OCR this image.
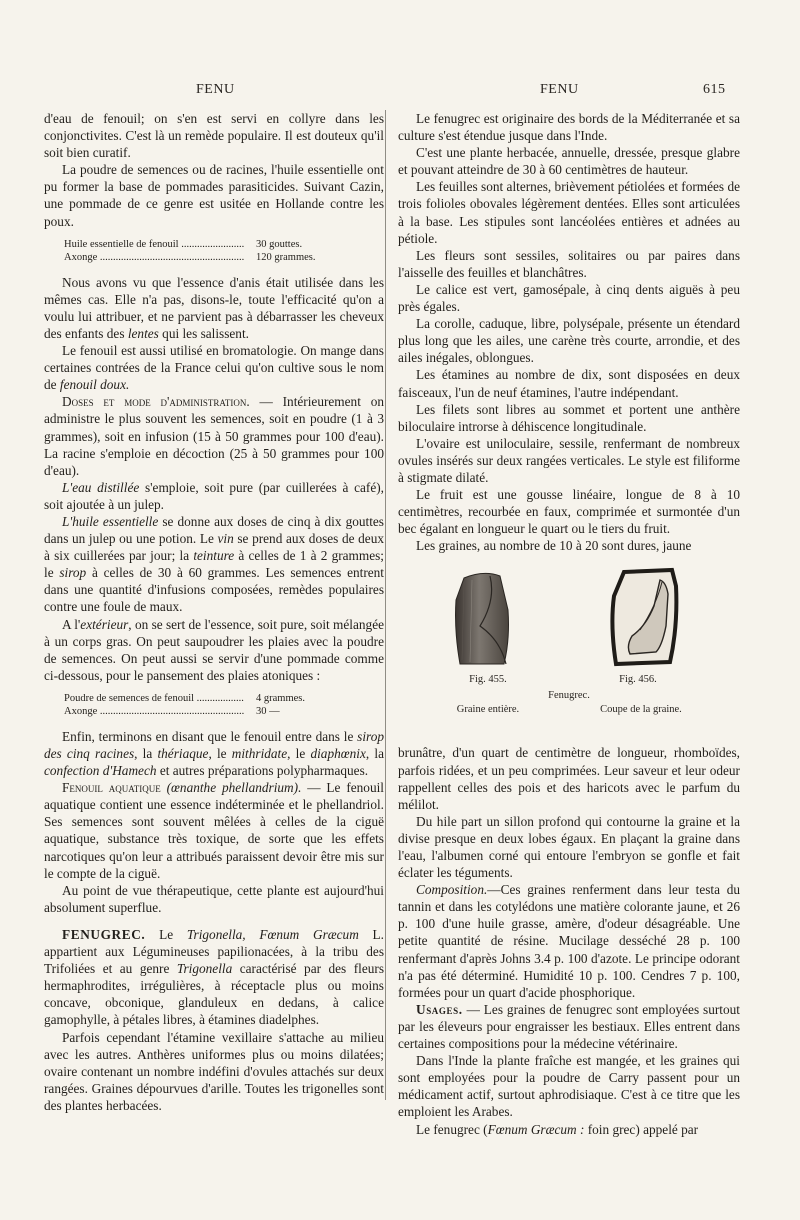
FENU	FENU	615

d'eau de fenouil; on s'en est servi en collyre dans les conjonctivites. C'est là un remède populaire. Il est douteux qu'il soit bien curatif.

La poudre de semences ou de racines, l'huile essentielle ont pu former la base de pommades parasiticides. Suivant Cazin, une pommade de ce genre est usitée en Hollande contre les poux.

Huile essentielle de fenouil .....	30 gouttes.
Axonge .....	120 grammes.

Nous avons vu que l'essence d'anis était utilisée dans les mêmes cas. Elle n'a pas, disons-le, toute l'efficacité qu'on a voulu lui attribuer, et ne parvient pas à débarrasser les cheveux des enfants des lentes qui les salissent.

Le fenouil est aussi utilisé en bromatologie. On mange dans certaines contrées de la France celui qu'on cultive sous le nom de fenouil doux.

Doses et mode d'administration. — Intérieurement on administre le plus souvent les semences, soit en poudre (1 à 3 grammes), soit en infusion (15 à 50 grammes pour 100 d'eau). La racine s'emploie en décoction (25 à 50 grammes pour 100 d'eau).

L'eau distillée s'emploie, soit pure (par cuillerées à café), soit ajoutée à un julep.

L'huile essentielle se donne aux doses de cinq à dix gouttes dans un julep ou une potion. Le vin se prend aux doses de deux à six cuillerées par jour; la teinture à celles de 1 à 2 grammes; le sirop à celles de 30 à 60 grammes. Les semences entrent dans une quantité d'infusions composées, remèdes populaires contre une foule de maux.

A l'extérieur, on se sert de l'essence, soit pure, soit mélangée à un corps gras. On peut saupoudrer les plaies avec la poudre de semences. On peut aussi se servir d'une pommade comme ci-dessous, pour le pansement des plaies atoniques :

Poudre de semences de fenouil .....	4 grammes.
Axonge .....	30 —

Enfin, terminons en disant que le fenouil entre dans le sirop des cinq racines, la thériaque, le mithridate, le diaphœnix, la confection d'Hamech et autres préparations polypharmaques.

Fenouil aquatique (œnanthe phellandrium). — Le fenouil aquatique contient une essence indéterminée et le phellandriol. Ses semences sont souvent mêlées à celles de la ciguë aquatique, substance très toxique, de sorte que les effets narcotiques qu'on leur a attribués paraissent devoir être mis sur le compte de la ciguë.

Au point de vue thérapeutique, cette plante est aujourd'hui absolument superflue.

FENUGREC. Le Trigonella, Fœnum Græcum L. appartient aux Légumineuses papilionacées, à la tribu des Trifoliées et au genre Trigonella caractérisé par des fleurs hermaphrodites, irrégulières, à réceptacle plus ou moins concave, obconique, glanduleux en dedans, à calice gamophylle, à pétales libres, à étamines diadelphes.

Parfois cependant l'étamine vexillaire s'attache au milieu avec les autres. Anthères uniformes plus ou moins dilatées; ovaire contenant un nombre indéfini d'ovules attachés sur deux rangées. Graines dépourvues d'arille. Toutes les trigonelles sont des plantes herbacées.

Le fenugrec est originaire des bords de la Méditerranée et sa culture s'est étendue jusque dans l'Inde.

C'est une plante herbacée, annuelle, dressée, presque glabre et pouvant atteindre de 30 à 60 centimètres de hauteur.

Les feuilles sont alternes, brièvement pétiolées et formées de trois folioles obovales légèrement dentées. Elles sont articulées à la base. Les stipules sont lancéolées entières et adnées au pétiole.

Les fleurs sont sessiles, solitaires ou par paires dans l'aisselle des feuilles et blanchâtres.

Le calice est vert, gamosépale, à cinq dents aiguës à peu près égales.

La corolle, caduque, libre, polysépale, présente un étendard plus long que les ailes, une carène très courte, arrondie, et des ailes inégales, oblongues.

Les étamines au nombre de dix, sont disposées en deux faisceaux, l'un de neuf étamines, l'autre indépendant.

Les filets sont libres au sommet et portent une anthère biloculaire introrse à déhiscence longitudinale.

L'ovaire est uniloculaire, sessile, renfermant de nombreux ovules insérés sur deux rangées verticales. Le style est filiforme à stigmate dilaté.

Le fruit est une gousse linéaire, longue de 8 à 10 centimètres, recourbée en faux, comprimée et surmontée d'un bec égalant en longueur le quart ou le tiers du fruit.

Les graines, au nombre de 10 à 20 sont dures, jaune

Fig. 455.	Fig. 456.
Fenugrec.
Graine entière.	Coupe de la graine.

brunâtre, d'un quart de centimètre de longueur, rhomboïdes, parfois ridées, et un peu comprimées. Leur saveur et leur odeur rappellent celles des pois et des haricots avec le parfum du mélilot.

Du hile part un sillon profond qui contourne la graine et la divise presque en deux lobes égaux. En plaçant la graine dans l'eau, l'albumen corné qui entoure l'embryon se gonfle et fait éclater les téguments.

Composition.—Ces graines renferment dans leur testa du tannin et dans les cotylédons une matière colorante jaune, et 26 p. 100 d'une huile grasse, amère, d'odeur désagréable. Une petite quantité de résine. Mucilage desséché 28 p. 100 renfermant d'après Johns 3.4 p. 100 d'azote. Le principe odorant n'a pas été déterminé. Humidité 10 p. 100. Cendres 7 p. 100, formées pour un quart d'acide phosphorique.

Usages. — Les graines de fenugrec sont employées surtout par les éleveurs pour engraisser les bestiaux. Elles entrent dans certaines compositions pour la médecine vétérinaire.

Dans l'Inde la plante fraîche est mangée, et les graines qui sont employées pour la poudre de Carry passent pour un médicament actif, surtout aphrodisiaque. C'est à ce titre que les emploient les Arabes.

Le fenugrec (Fœnum Græcum : foin grec) appelé par
